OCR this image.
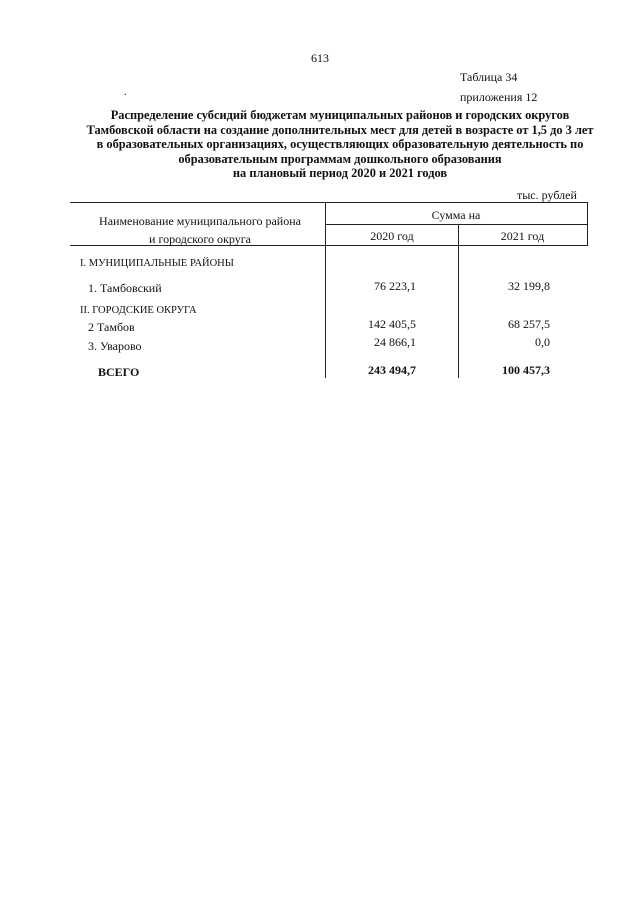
613
Таблица 34
приложения 12
.
Распределение субсидий бюджетам муниципальных районов и городских округов
Тамбовской области на создание дополнительных мест для детей в возрасте от 1,5 до 3 лет
в образовательных организациях, осуществляющих образовательную деятельность по
образовательным программам дошкольного образования
на плановый период 2020 и 2021 годов
тыс. рублей
Наименование муниципального района
и городского округа
Сумма на
2020 год	2021 год
I. МУНИЦИПАЛЬНЫЕ РАЙОНЫ
1. Тамбовский	76 223,1	32 199,8
II. ГОРОДСКИЕ ОКРУГА
2 Тамбов	142 405,5	68 257,5
3. Уварово	24 866,1	0,0
ВСЕГО	243 494,7	100 457,3
